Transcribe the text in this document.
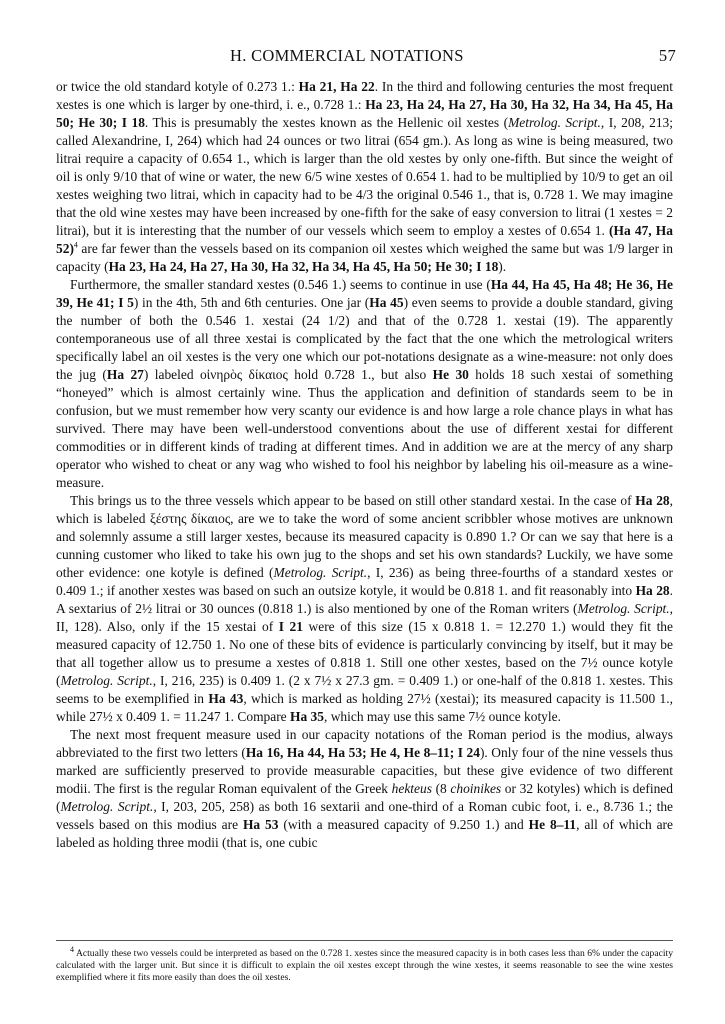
H. COMMERCIAL NOTATIONS	57

or twice the old standard kotyle of 0.273 1.: Ha 21, Ha 22. In the third and following centuries the most frequent xestes is one which is larger by one-third, i. e., 0.728 1.: Ha 23, Ha 24, Ha 27, Ha 30, Ha 32, Ha 34, Ha 45, Ha 50; He 30; I 18. This is presumably the xestes known as the Hellenic oil xestes (Metrolog. Script., I, 208, 213; called Alexandrine, I, 264) which had 24 ounces or two litrai (654 gm.). As long as wine is being measured, two litrai require a capacity of 0.654 1., which is larger than the old xestes by only one-fifth. But since the weight of oil is only 9/10 that of wine or water, the new 6/5 wine xestes of 0.654 1. had to be multiplied by 10/9 to get an oil xestes weighing two litrai, which in capacity had to be 4/3 the original 0.546 1., that is, 0.728 1. We may imagine that the old wine xestes may have been increased by one-fifth for the sake of easy conversion to litrai (1 xestes = 2 litrai), but it is interesting that the number of our vessels which seem to employ a xestes of 0.654 1. (Ha 47, Ha 52)$^4$ are far fewer than the vessels based on its companion oil xestes which weighed the same but was 1/9 larger in capacity (Ha 23, Ha 24, Ha 27, Ha 30, Ha 32, Ha 34, Ha 45, Ha 50; He 30; I 18).

Furthermore, the smaller standard xestes (0.546 1.) seems to continue in use (Ha 44, Ha 45, Ha 48; He 36, He 39, He 41; I 5) in the 4th, 5th and 6th centuries. One jar (Ha 45) even seems to provide a double standard, giving the number of both the 0.546 1. xestai (24 1/2) and that of the 0.728 1. xestai (19). The apparently contemporaneous use of all three xestai is complicated by the fact that the one which the metrological writers specifically label an oil xestes is the very one which our pot-notations designate as a wine-measure: not only does the jug (Ha 27) labeled οἰνηρὸς δίκαιος hold 0.728 1., but also He 30 holds 18 such xestai of something “honeyed” which is almost certainly wine. Thus the application and definition of standards seem to be in confusion, but we must remember how very scanty our evidence is and how large a role chance plays in what has survived. There may have been well-understood conventions about the use of different xestai for different commodities or in different kinds of trading at different times. And in addition we are at the mercy of any sharp operator who wished to cheat or any wag who wished to fool his neighbor by labeling his oil-measure as a wine-measure.

This brings us to the three vessels which appear to be based on still other standard xestai. In the case of Ha 28, which is labeled ξέστης δίκαιος, are we to take the word of some ancient scribbler whose motives are unknown and solemnly assume a still larger xestes, because its measured capacity is 0.890 1.? Or can we say that here is a cunning customer who liked to take his own jug to the shops and set his own standards? Luckily, we have some other evidence: one kotyle is defined (Metrolog. Script., I, 236) as being three-fourths of a standard xestes or 0.409 1.; if another xestes was based on such an outsize kotyle, it would be 0.818 1. and fit reasonably into Ha 28. A sextarius of 2½ litrai or 30 ounces (0.818 1.) is also mentioned by one of the Roman writers (Metrolog. Script., II, 128). Also, only if the 15 xestai of I 21 were of this size (15 x 0.818 1. = 12.270 1.) would they fit the measured capacity of 12.750 1. No one of these bits of evidence is particularly convincing by itself, but it may be that all together allow us to presume a xestes of 0.818 1. Still one other xestes, based on the 7½ ounce kotyle (Metrolog. Script., I, 216, 235) is 0.409 1. (2 x 7½ x 27.3 gm. = 0.409 1.) or one-half of the 0.818 1. xestes. This seems to be exemplified in Ha 43, which is marked as holding 27½ (xestai); its measured capacity is 11.500 1., while 27½ x 0.409 1. = 11.247 1. Compare Ha 35, which may use this same 7½ ounce kotyle.

The next most frequent measure used in our capacity notations of the Roman period is the modius, always abbreviated to the first two letters (Ha 16, Ha 44, Ha 53; He 4, He 8–11; I 24). Only four of the nine vessels thus marked are sufficiently preserved to provide measurable capacities, but these give evidence of two different modii. The first is the regular Roman equivalent of the Greek hekteus (8 choinikes or 32 kotyles) which is defined (Metrolog. Script., I, 203, 205, 258) as both 16 sextarii and one-third of a Roman cubic foot, i. e., 8.736 1.; the vessels based on this modius are Ha 53 (with a measured capacity of 9.250 1.) and He 8–11, all of which are labeled as holding three modii (that is, one cubic

$^4$ Actually these two vessels could be interpreted as based on the 0.728 1. xestes since the measured capacity is in both cases less than 6% under the capacity calculated with the larger unit. But since it is difficult to explain the oil xestes except through the wine xestes, it seems reasonable to see the wine xestes exemplified where it fits more easily than does the oil xestes.
